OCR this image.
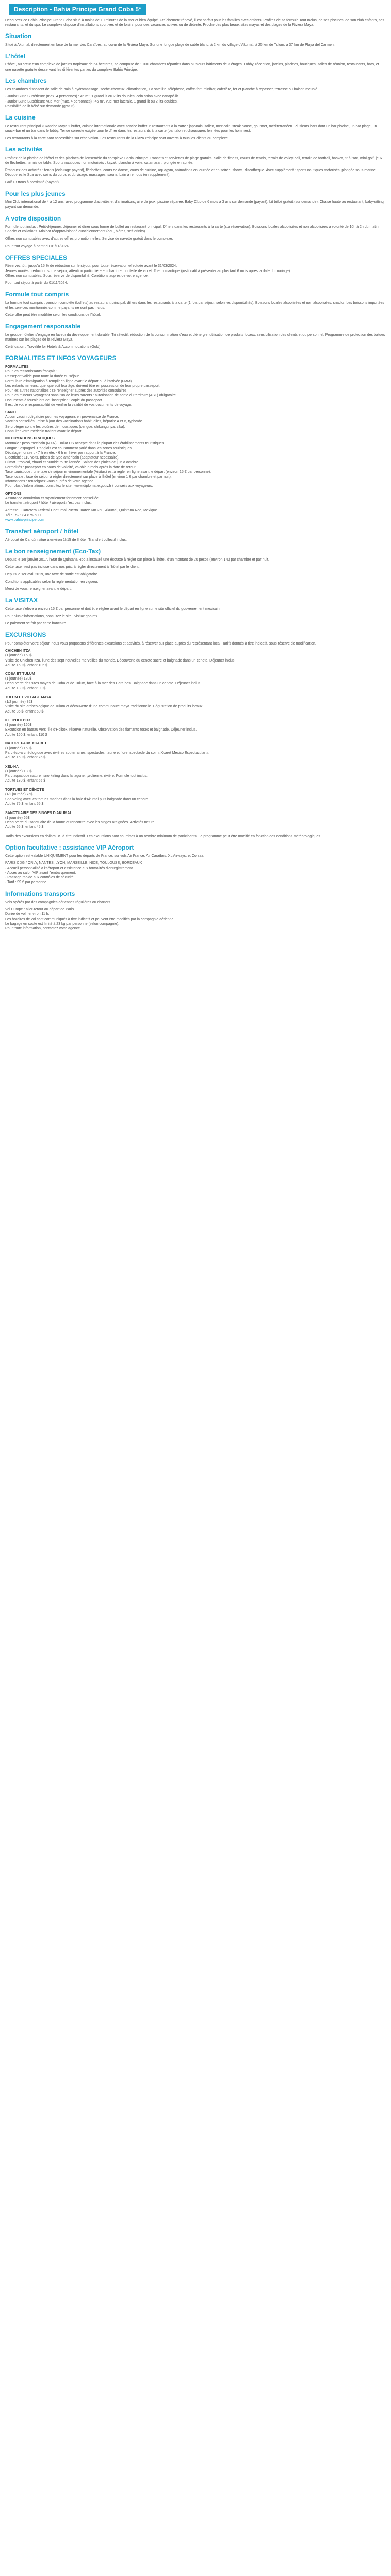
Description - Bahia Principe Grand Coba 5*

Découvrez ce Bahia Principe Grand Coba situé à moins de 10 minutes de la mer et bien équipé. Fraîchement rénové, il est parfait pour les familles avec enfants. Profitez de sa formule Tout Inclus, de ses piscines, de son club enfants, ses restaurants, et du spa. Le complexe dispose d'installations sportives et de loisirs, pour des vacances actives ou de détente. Proche des plus beaux sites mayas et des plages de la Riviera Maya.

Situation

Situé à Akumal, directement en face de la mer des Caraïbes, au cœur de la Riviera Maya. Sur une longue plage de sable blanc, à 2 km du village d'Akumal, à 25 km de Tulum, à 37 km de Playa del Carmen.

L'hôtel

L'hôtel, au cœur d'un complexe de jardins tropicaux de 64 hectares, se compose de 1 000 chambres réparties dans plusieurs bâtiments de 3 étages. Lobby, réception, jardins, piscines, boutiques, salles de réunion, restaurants, bars, et une navette gratuite desservant les différentes parties du complexe Bahia Principe.

Les chambres

Les chambres disposent de salle de bain à hydromassage, sèche-cheveux, climatisation, TV satellite, téléphone, coffre-fort, minibar, cafetière, fer et planche à repasser, terrasse ou balcon meublé.

- Junior Suite Supérieure (max. 4 personnes) : 45 m², 1 grand lit ou 2 lits doubles, coin salon avec canapé-lit.
- Junior Suite Supérieure Vue Mer (max. 4 personnes) : 45 m², vue mer latérale, 1 grand lit ou 2 lits doubles.
Possibilité de lit bébé sur demande (gratuit).
La cuisine

Le restaurant principal « Rancho Maya » buffet, cuisine internationale avec service buffet. 6 restaurants à la carte : japonais, italien, mexicain, steak house, gourmet, méditerranéen. Plusieurs bars dont un bar piscine, un bar plage, un snack-bar et un bar dans le lobby. Tenue correcte exigée pour le dîner dans les restaurants à la carte (pantalon et chaussures fermées pour les hommes).

Les restaurants à la carte sont accessibles sur réservation. Les restaurants de la Plaza Principe sont ouverts à tous les clients du complexe.

Les activités

Profitez de la piscine de l'hôtel et des piscines de l'ensemble du complexe Bahia Principe. Transats et serviettes de plage gratuits. Salle de fitness, courts de tennis, terrain de volley-ball, terrain de football, basket, tir à l'arc, mini-golf, jeux de fléchettes, tennis de table. Sports nautiques non motorisés : kayak, planche à voile, catamaran, plongée en apnée.

Pratiquez des activités : tennis (éclairage payant), fléchettes, cours de danse, cours de cuisine, aquagym, animations en journée et en soirée, shows, discothèque. Avec supplément : sports nautiques motorisés, plongée sous-marine. Découvrez le Spa avec soins du corps et du visage, massages, sauna, bain à remous (en supplément).

Golf 18 trous à proximité (payant).

Pour les plus jeunes

Mini Club international de 4 à 12 ans, avec programme d'activités et d'animations, aire de jeux, piscine séparée. Baby Club de 6 mois à 3 ans sur demande (payant). Lit bébé gratuit (sur demande). Chaise haute au restaurant, baby-sitting payant sur demande.

A votre disposition

Formule tout inclus : Petit-déjeuner, déjeuner et dîner sous forme de buffet au restaurant principal. Dîners dans les restaurants à la carte (sur réservation). Boissons locales alcoolisées et non alcoolisées à volonté de 10h à 2h du matin. Snacks et collations. Minibar réapprovisionné quotidiennement (eau, bières, soft drinks).

Offres non cumulables avec d'autres offres promotionnelles. Service de navette gratuit dans le complexe.

Pour tout voyage à partir du 01/11/2024.

OFFRES SPECIALES
Réservez tôt : jusqu'à 15 % de réduction sur le séjour, pour toute réservation effectuée avant le 31/03/2024.
Jeunes mariés : réduction sur le séjour, attention particulière en chambre, bouteille de vin et dîner romantique (justificatif à présenter au plus tard 6 mois après la date du mariage).
Offres non cumulables. Sous réserve de disponibilité. Conditions auprès de votre agence.

Pour tout séjour à partir du 01/11/2024.

Formule tout compris

La formule tout compris : pension complète (buffets) au restaurant principal, dîners dans les restaurants à la carte (1 fois par séjour, selon les disponibilités). Boissons locales alcoolisées et non alcoolisées, snacks. Les boissons importées et les services mentionnés comme payants ne sont pas inclus.

Cette offre peut être modifiée selon les conditions de l'hôtel.

Engagement responsable

Le groupe hôtelier s'engage en faveur du développement durable. Tri sélectif, réduction de la consommation d'eau et d'énergie, utilisation de produits locaux, sensibilisation des clients et du personnel. Programme de protection des tortues marines sur les plages de la Riviera Maya.

Certification : Travelife for Hotels & Accommodations (Gold).

FORMALITES ET INFOS VOYAGEURS
FORMALITES
Pour les ressortissants français :
Passeport valide pour toute la durée du séjour.
Formulaire d'immigration à remplir en ligne avant le départ ou à l'arrivée (FMM).
Les enfants mineurs, quel que soit leur âge, doivent être en possession de leur propre passeport.
Pour les autres nationalités : se renseigner auprès des autorités consulaires.
Pour les mineurs voyageant sans l'un de leurs parents : autorisation de sortie du territoire (AST) obligatoire.
Documents à fournir lors de l'inscription : copie du passeport.
Il est de votre responsabilité de vérifier la validité de vos documents de voyage.
SANTE
Aucun vaccin obligatoire pour les voyageurs en provenance de France.
Vaccins conseillés : mise à jour des vaccinations habituelles, hépatite A et B, typhoïde.
Se protéger contre les piqûres de moustiques (dengue, chikungunya, zika).
Consulter votre médecin traitant avant le départ.
INFORMATIONS PRATIQUES
Monnaie : peso mexicain (MXN). Dollar US accepté dans la plupart des établissements touristiques.
Langue : espagnol. L'anglais est couramment parlé dans les zones touristiques.
Décalage horaire : - 7 h en été, - 6 h en hiver par rapport à la France.
Electricité : 110 volts, prises de type américain (adaptateur nécessaire).
Climat : tropical, chaud et humide toute l'année. Saison des pluies de juin à octobre.
Formalités : passeport en cours de validité, valable 6 mois après la date de retour.
Taxe touristique : une taxe de séjour environnementale (Visitax) est à régler en ligne avant le départ (environ 15 € par personne).
Taxe locale : taxe de séjour à régler directement sur place à l'hôtel (environ 1 € par chambre et par nuit).
Informations : renseignez-vous auprès de votre agence.
Pour plus d'informations, consultez le site : www.diplomatie.gouv.fr / conseils aux voyageurs.
OPTIONS
Assurance annulation et rapatriement fortement conseillée.
Le transfert aéroport / hôtel / aéroport n'est pas inclus.
Adresse : Carretera Federal Chetumal Puerto Juarez Km 250, Akumal, Quintana Roo, Mexique
Tél : +52 984 875 5000
www.bahia-principe.com
Transfert aéroport / hôtel

Aéroport de Cancún situé à environ 1h15 de l'hôtel. Transfert collectif inclus.

Le bon renseignement (Eco-Tax)

Depuis le 1er janvier 2017, l'État de Quintana Roo a instauré une écotaxe à régler sur place à l'hôtel, d'un montant de 20 pesos (environ 1 €) par chambre et par nuit.

Cette taxe n'est pas incluse dans nos prix, à régler directement à l'hôtel par le client.

Depuis le 1er avril 2019, une taxe de sortie est obligatoire.

Conditions applicables selon la réglementation en vigueur.

Merci de vous renseigner avant le départ.

La VISITAX

Cette taxe s'élève à environ 15 € par personne et doit être réglée avant le départ en ligne sur le site officiel du gouvernement mexicain.

Pour plus d'informations, consultez le site : visitax.gob.mx

Le paiement se fait par carte bancaire.

EXCURSIONS

Pour compléter votre séjour, nous vous proposons différentes excursions et activités, à réserver sur place auprès du représentant local. Tarifs donnés à titre indicatif, sous réserve de modification.

CHICHEN ITZA
(1 journée) 150$
Visite de Chichen Itza, l'une des sept nouvelles merveilles du monde. Découverte du cenote sacré et baignade dans un cenote. Déjeuner inclus.
Adulte 150 $, enfant 105 $
COBA ET TULUM
(1 journée) 130$
Découverte des sites mayas de Coba et de Tulum, face à la mer des Caraïbes. Baignade dans un cenote. Déjeuner inclus.
Adulte 130 $, enfant 90 $
TULUM ET VILLAGE MAYA
(1/2 journée) 85$
Visite du site archéologique de Tulum et découverte d'une communauté maya traditionnelle. Dégustation de produits locaux.
Adulte 85 $, enfant 60 $
ILE D'HOLBOX
(1 journée) 160$
Excursion en bateau vers l'île d'Holbox, réserve naturelle. Observation des flamants roses et baignade. Déjeuner inclus.
Adulte 160 $, enfant 110 $
NATURE PARK XCARET
(1 journée) 150$
Parc éco-archéologique avec rivières souterraines, spectacles, faune et flore, spectacle du soir « Xcaret México Espectacular ».
Adulte 150 $, enfant 75 $
XEL-HA
(1 journée) 130$
Parc aquatique naturel, snorkeling dans la lagune, tyrolienne, rivière. Formule tout inclus.
Adulte 130 $, enfant 65 $
TORTUES ET CÉNOTE
(1/2 journée) 75$
Snorkeling avec les tortues marines dans la baie d'Akumal puis baignade dans un cenote.
Adulte 75 $, enfant 55 $
SANCTUAIRE DES SINGES D'AKUMAL
(1 journée) 65$
Découverte du sanctuaire de la faune et rencontre avec les singes araignées. Activités nature.
Adulte 65 $, enfant 45 $

Tarifs des excursions en dollars US à titre indicatif. Les excursions sont soumises à un nombre minimum de participants. Le programme peut être modifié en fonction des conditions météorologiques.

Option facultative : assistance VIP Aéroport

Cette option est valable UNIQUEMENT pour les départs de France, sur vols Air France, Air Caraïbes, XL Airways, et Corsair.

PARIS CDG / ORLY, NANTES, LYON, MARSEILLE, NICE, TOULOUSE, BORDEAUX
- Accueil personnalisé à l'aéroport et assistance aux formalités d'enregistrement.
- Accès au salon VIP avant l'embarquement.
- Passage rapide aux contrôles de sécurité.
- Tarif : 99 € par personne.
Informations transports

Vols opérés par des compagnies aériennes régulières ou charters.

Vol Europe : aller-retour au départ de Paris.
Durée de vol : environ 11 h.
Les horaires de vol sont communiqués à titre indicatif et peuvent être modifiés par la compagnie aérienne.
Le bagage en soute est limité à 23 kg par personne (selon compagnie).
Pour toute information, contactez votre agence.
